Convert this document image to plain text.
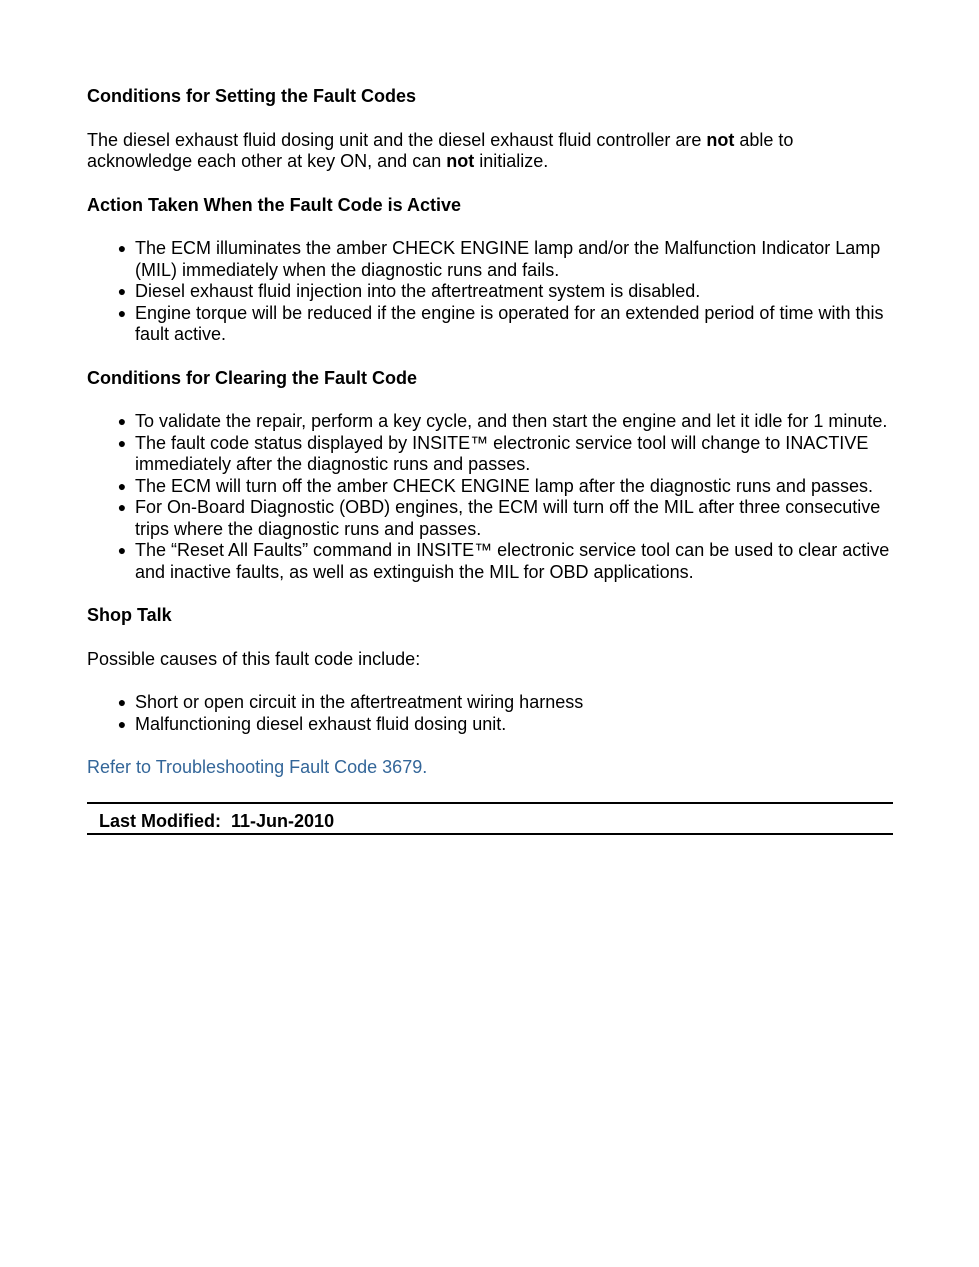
Conditions for Setting the Fault Codes

The diesel exhaust fluid dosing unit and the diesel exhaust fluid controller are not able to acknowledge each other at key ON, and can not initialize.

Action Taken When the Fault Code is Active
● The ECM illuminates the amber CHECK ENGINE lamp and/or the Malfunction Indicator Lamp (MIL) immediately when the diagnostic runs and fails.
● Diesel exhaust fluid injection into the aftertreatment system is disabled.
● Engine torque will be reduced if the engine is operated for an extended period of time with this fault active.
Conditions for Clearing the Fault Code
● To validate the repair, perform a key cycle, and then start the engine and let it idle for 1 minute.
● The fault code status displayed by INSITE™ electronic service tool will change to INACTIVE immediately after the diagnostic runs and passes.
● The ECM will turn off the amber CHECK ENGINE lamp after the diagnostic runs and passes.
● For On-Board Diagnostic (OBD) engines, the ECM will turn off the MIL after three consecutive trips where the diagnostic runs and passes.
● The “Reset All Faults” command in INSITE™ electronic service tool can be used to clear active and inactive faults, as well as extinguish the MIL for OBD applications.
Shop Talk

Possible causes of this fault code include:

● Short or open circuit in the aftertreatment wiring harness
● Malfunctioning diesel exhaust fluid dosing unit.

Refer to Troubleshooting Fault Code 3679.

Last Modified: 11-Jun-2010
